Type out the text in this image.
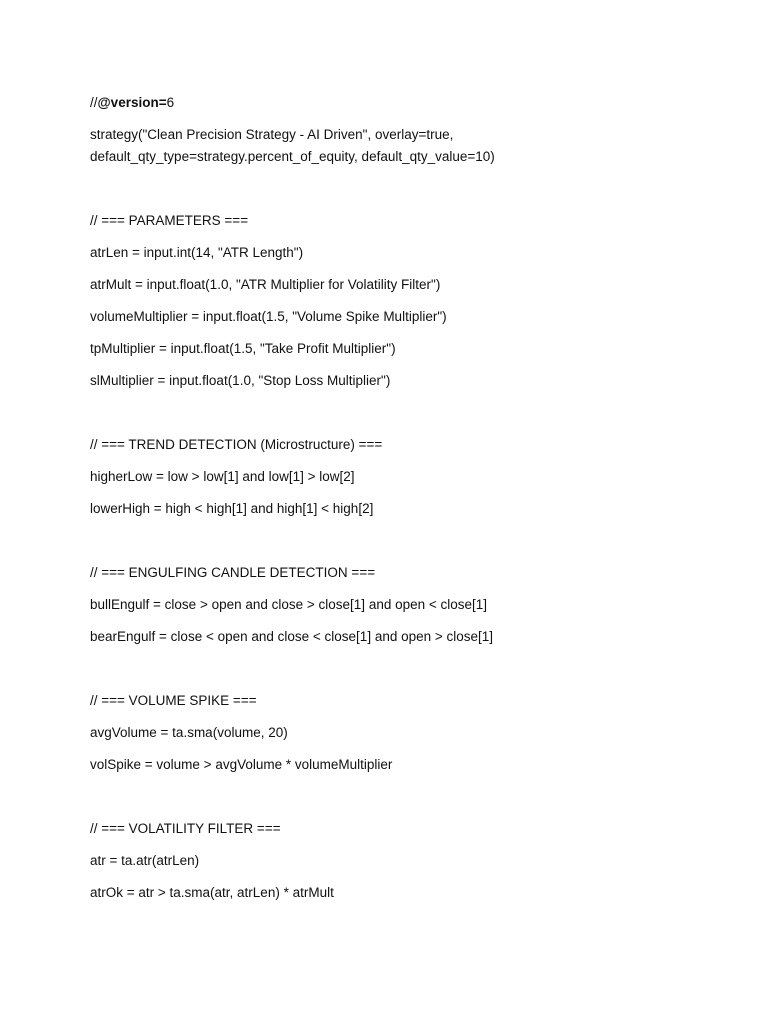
//@version=6
strategy("Clean Precision Strategy - AI Driven", overlay=true,
default_qty_type=strategy.percent_of_equity, default_qty_value=10)
// === PARAMETERS ===
atrLen = input.int(14, "ATR Length")
atrMult = input.float(1.0, "ATR Multiplier for Volatility Filter")
volumeMultiplier = input.float(1.5, "Volume Spike Multiplier")
tpMultiplier = input.float(1.5, "Take Profit Multiplier")
slMultiplier = input.float(1.0, "Stop Loss Multiplier")
// === TREND DETECTION (Microstructure) ===
higherLow = low > low[1] and low[1] > low[2]
lowerHigh = high < high[1] and high[1] < high[2]
// === ENGULFING CANDLE DETECTION ===
bullEngulf = close > open and close > close[1] and open < close[1]
bearEngulf = close < open and close < close[1] and open > close[1]
// === VOLUME SPIKE ===
avgVolume = ta.sma(volume, 20)
volSpike = volume > avgVolume * volumeMultiplier
// === VOLATILITY FILTER ===
atr = ta.atr(atrLen)
atrOk = atr > ta.sma(atr, atrLen) * atrMult
